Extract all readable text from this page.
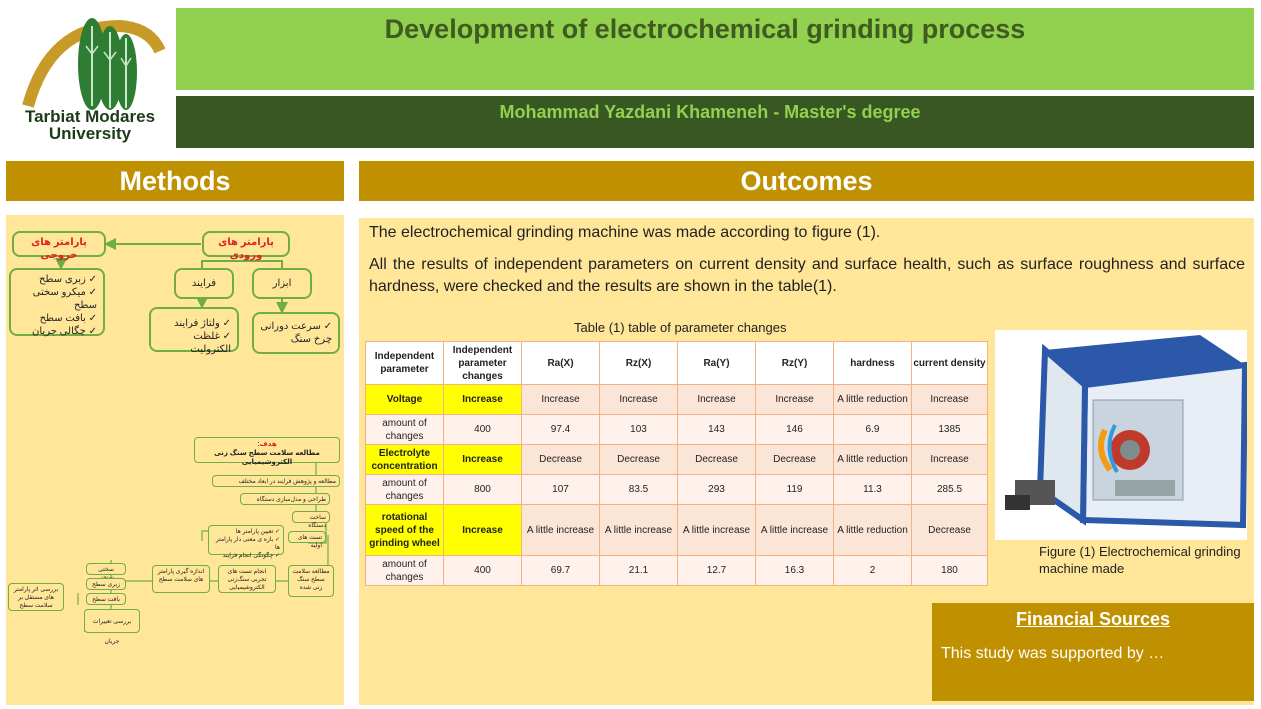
Tarbiat Modares
University
Development of electrochemical grinding process
Mohammad Yazdani Khameneh - Master's degree
Methods	Outcomes
پارامتر های ورودی
پارامتر های خروجی
فرایند	ابزار
✓ زبری سطح
✓ میکرو سختی سطح
✓ بافت سطح
✓ چگالی جریان
✓ ولتاژ فرایند
✓ غلظت الکترولیت
✓ سرعت دورانی چرخ سنگ
هدف:
مطالعه سلامت سطح سنگ زنی الکتروشیمیایی
مطالعه و پژوهش فرایند در ابعاد مختلف
طراحی و مدل‌سازی دستگاه
ساخت دستگاه
تست های اولیه
✓ تعیین پارامتر ها
✓ بازه ی معنی دار پارامتر ها
✓ چگونگی انجام فرایند
مطالعه سلامت سطح سنگ زنی شده
انجام تست های تجربی سنگ‌زنی الکتروشیمیایی
اندازه گیری پارامتر های سلامت سطح
سختی
زبری سطح
بافت سطح
بررسی اثر پارامتر های مستقل بر سلامت سطح
بررسی تغییرات جریان
The electrochemical grinding machine was made according to figure (1).
All the results of independent parameters on current density and surface health, such as surface roughness and surface hardness, were checked and the results are shown in the table(1).
Table (1) table of parameter changes
Independent parameter	Independent parameter changes	Ra(X)	Rz(X)	Ra(Y)	Rz(Y)	hardness	current density
Voltage	Increase	Increase	Increase	Increase	Increase	A little reduction	Increase
amount of changes	400	97.4	103	143	146	6.9	1385
Electrolyte concentration	Increase	Decrease	Decrease	Decrease	Decrease	A little reduction	Increase
amount of changes	800	107	83.5	293	119	11.3	285.5
rotational speed of the grinding wheel	Increase	A little increase	A little increase	A little increase	A little increase	A little reduction	Decrease
amount of changes	400	69.7	21.1	12.7	16.3	2	180
Figure (1) Electrochemical grinding machine made
Financial Sources
This study was supported by …
